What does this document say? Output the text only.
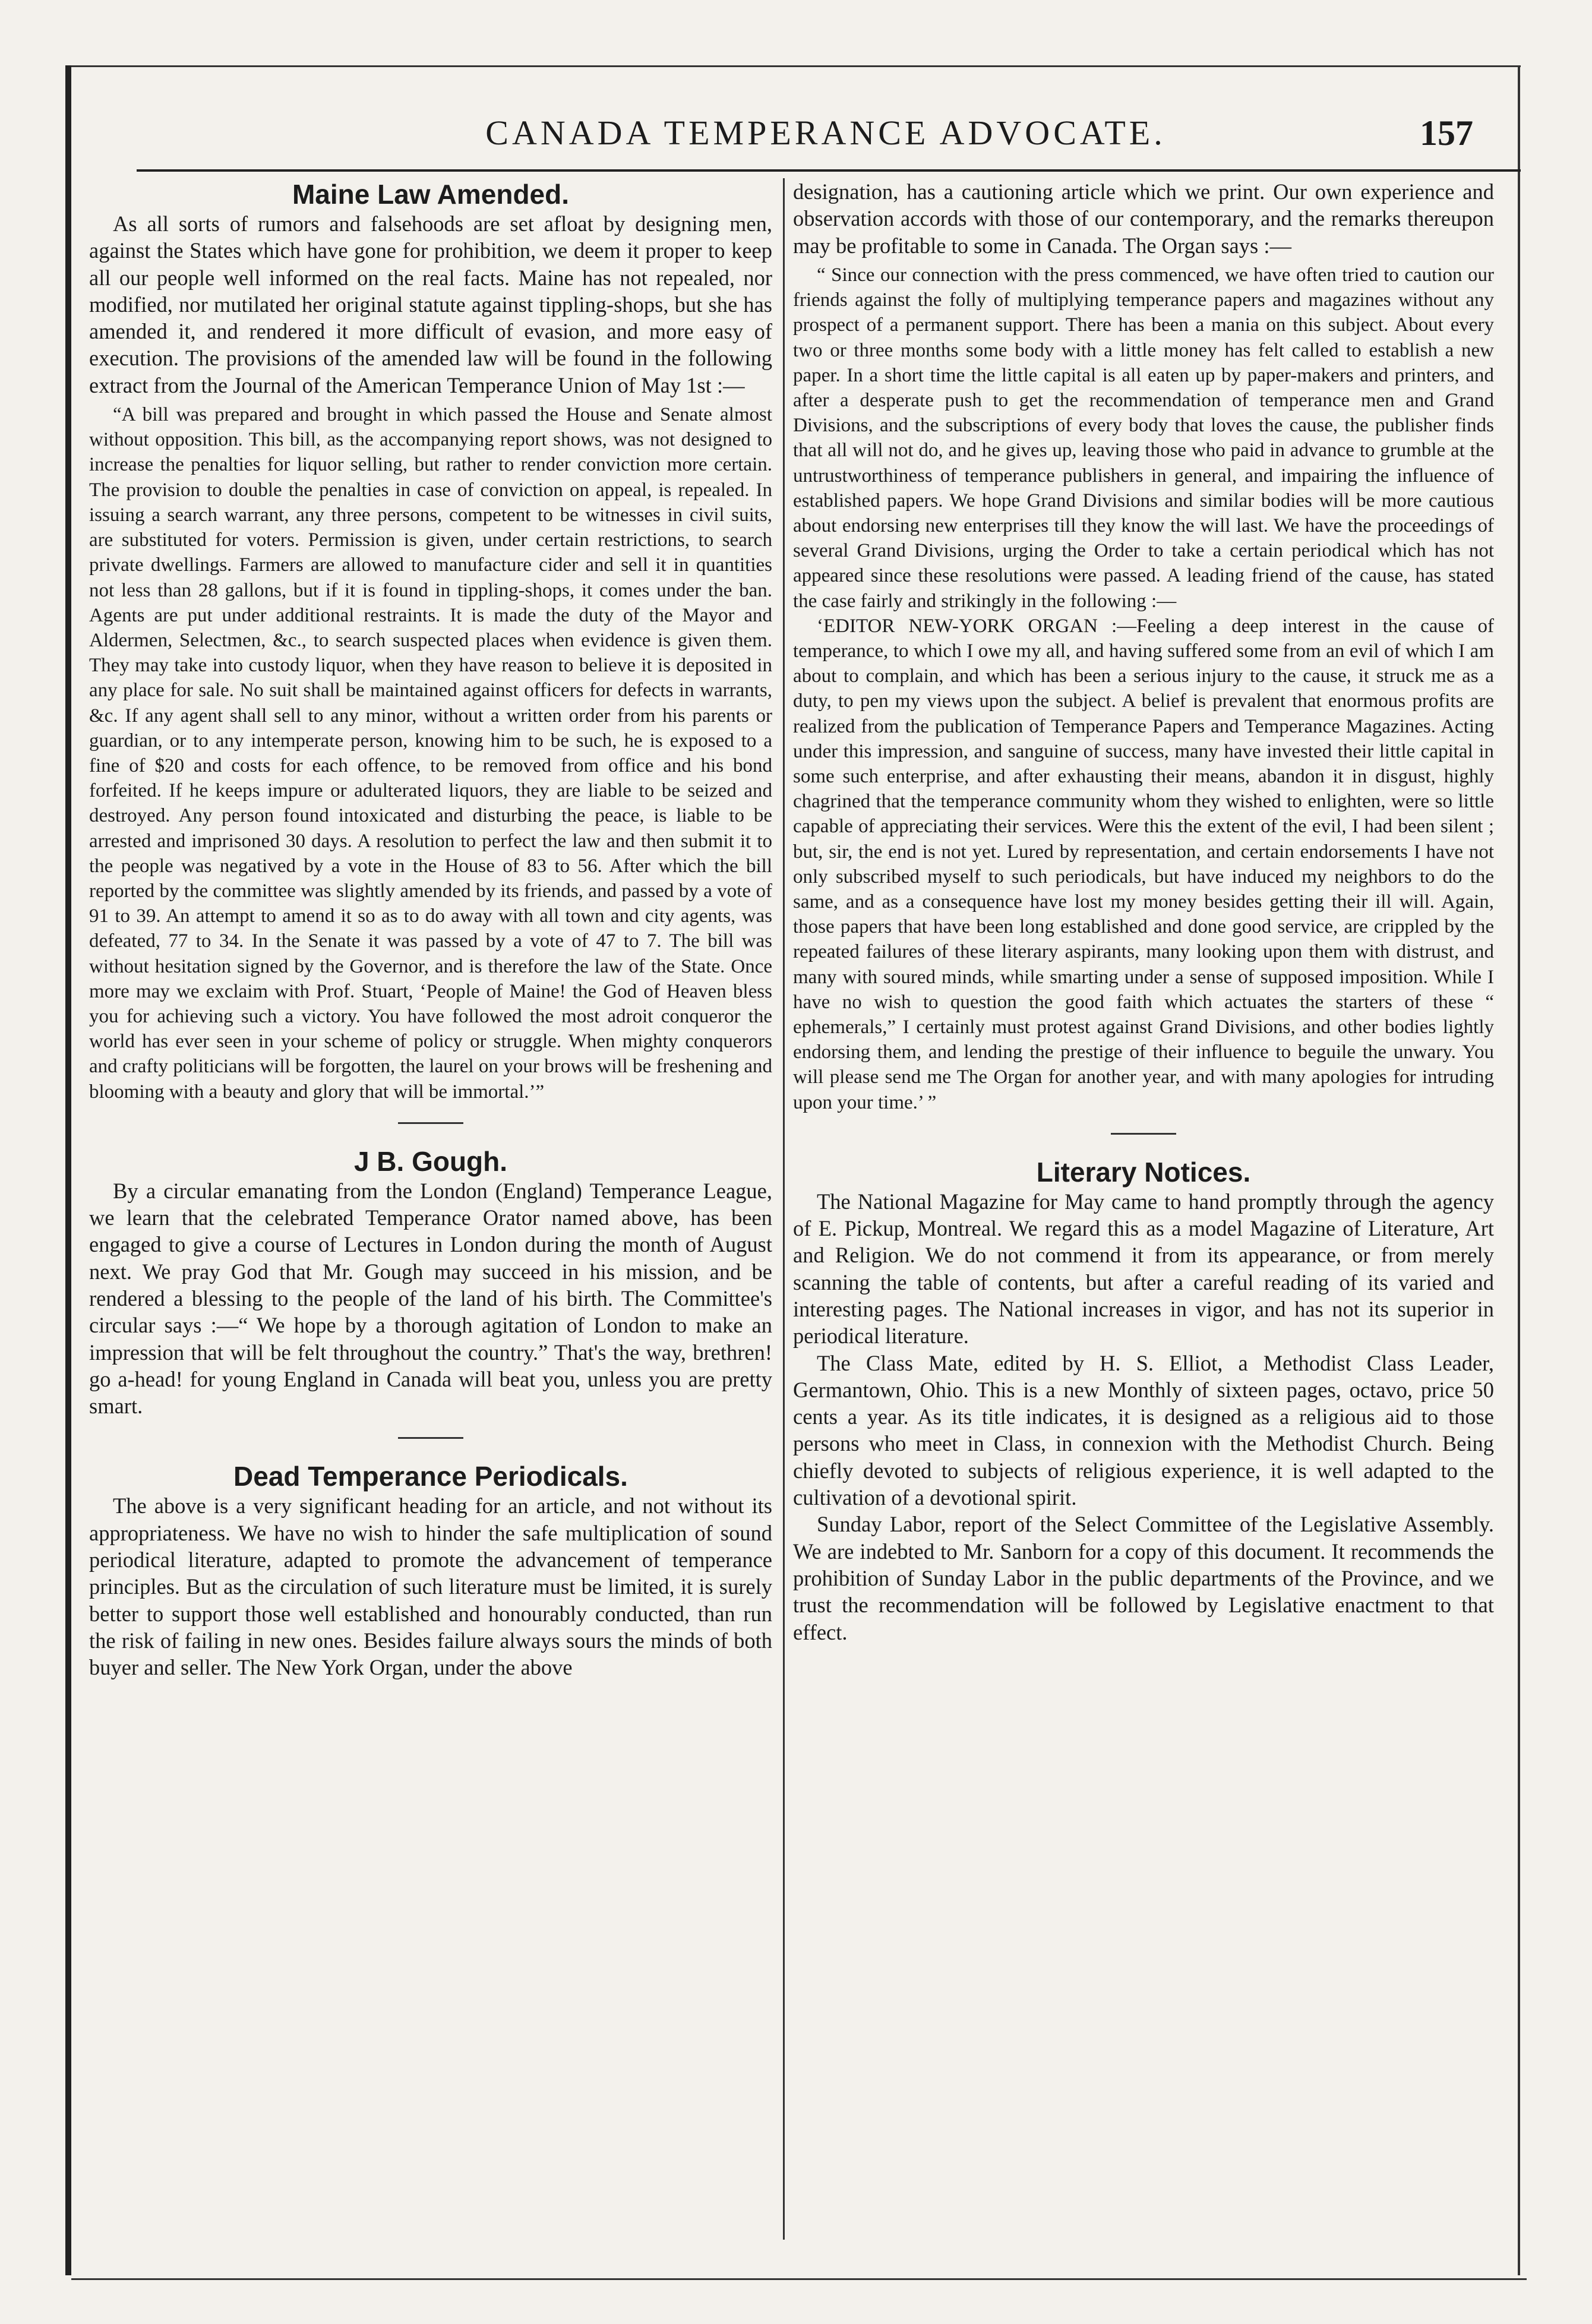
CANADA TEMPERANCE ADVOCATE.	157
Maine Law Amended.

As all sorts of rumors and falsehoods are set afloat by designing men, against the States which have gone for prohibition, we deem it proper to keep all our people well informed on the real facts. Maine has not repealed, nor modified, nor mutilated her original statute against tippling-shops, but she has amended it, and rendered it more difficult of evasion, and more easy of execution. The provisions of the amended law will be found in the following extract from the Journal of the American Temperance Union of May 1st :—

“A bill was prepared and brought in which passed the House and Senate almost without opposition. This bill, as the accompanying report shows, was not designed to increase the penalties for liquor selling, but rather to render conviction more certain. The provision to double the penalties in case of conviction on appeal, is repealed. In issuing a search warrant, any three persons, competent to be witnesses in civil suits, are substituted for voters. Permission is given, under certain restrictions, to search private dwellings. Farmers are allowed to manufacture cider and sell it in quantities not less than 28 gallons, but if it is found in tippling-shops, it comes under the ban. Agents are put under additional restraints. It is made the duty of the Mayor and Aldermen, Selectmen, &c., to search suspected places when evidence is given them. They may take into custody liquor, when they have reason to believe it is deposited in any place for sale. No suit shall be maintained against officers for defects in warrants, &c. If any agent shall sell to any minor, without a written order from his parents or guardian, or to any intemperate person, knowing him to be such, he is exposed to a fine of $20 and costs for each offence, to be removed from office and his bond forfeited. If he keeps impure or adulterated liquors, they are liable to be seized and destroyed. Any person found intoxicated and disturbing the peace, is liable to be arrested and imprisoned 30 days. A resolution to perfect the law and then submit it to the people was negatived by a vote in the House of 83 to 56. After which the bill reported by the committee was slightly amended by its friends, and passed by a vote of 91 to 39. An attempt to amend it so as to do away with all town and city agents, was defeated, 77 to 34. In the Senate it was passed by a vote of 47 to 7. The bill was without hesitation signed by the Governor, and is therefore the law of the State. Once more may we exclaim with Prof. Stuart, ‘People of Maine! the God of Heaven bless you for achieving such a victory. You have followed the most adroit conqueror the world has ever seen in your scheme of policy or struggle. When mighty conquerors and crafty politicians will be forgotten, the laurel on your brows will be freshening and blooming with a beauty and glory that will be immortal.’”

J B. Gough.

By a circular emanating from the London (England) Temperance League, we learn that the celebrated Temperance Orator named above, has been engaged to give a course of Lectures in London during the month of August next. We pray God that Mr. Gough may succeed in his mission, and be rendered a blessing to the people of the land of his birth. The Committee's circular says :—“ We hope by a thorough agitation of London to make an impression that will be felt throughout the country.” That's the way, brethren! go a-head! for young England in Canada will beat you, unless you are pretty smart.

Dead Temperance Periodicals.

The above is a very significant heading for an article, and not without its appropriateness. We have no wish to hinder the safe multiplication of sound periodical literature, adapted to promote the advancement of temperance principles. But as the circulation of such literature must be limited, it is surely better to support those well established and honourably conducted, than run the risk of failing in new ones. Besides failure always sours the minds of both buyer and seller. The New York Organ, under the above

designation, has a cautioning article which we print. Our own experience and observation accords with those of our contemporary, and the remarks thereupon may be profitable to some in Canada. The Organ says :—

“ Since our connection with the press commenced, we have often tried to caution our friends against the folly of multiplying temperance papers and magazines without any prospect of a permanent support. There has been a mania on this subject. About every two or three months some body with a little money has felt called to establish a new paper. In a short time the little capital is all eaten up by paper-makers and printers, and after a desperate push to get the recommendation of temperance men and Grand Divisions, and the subscriptions of every body that loves the cause, the publisher finds that all will not do, and he gives up, leaving those who paid in advance to grumble at the untrustworthiness of temperance publishers in general, and impairing the influence of established papers. We hope Grand Divisions and similar bodies will be more cautious about endorsing new enterprises till they know the will last. We have the proceedings of several Grand Divisions, urging the Order to take a certain periodical which has not appeared since these resolutions were passed. A leading friend of the cause, has stated the case fairly and strikingly in the following :—

‘EDITOR NEW-YORK ORGAN :—Feeling a deep interest in the cause of temperance, to which I owe my all, and having suffered some from an evil of which I am about to complain, and which has been a serious injury to the cause, it struck me as a duty, to pen my views upon the subject. A belief is prevalent that enormous profits are realized from the publication of Temperance Papers and Temperance Magazines. Acting under this impression, and sanguine of success, many have invested their little capital in some such enterprise, and after exhausting their means, abandon it in disgust, highly chagrined that the temperance community whom they wished to enlighten, were so little capable of appreciating their services. Were this the extent of the evil, I had been silent ; but, sir, the end is not yet. Lured by representation, and certain endorsements I have not only subscribed myself to such periodicals, but have induced my neighbors to do the same, and as a consequence have lost my money besides getting their ill will. Again, those papers that have been long established and done good service, are crippled by the repeated failures of these literary aspirants, many looking upon them with distrust, and many with soured minds, while smarting under a sense of supposed imposition. While I have no wish to question the good faith which actuates the starters of these “ ephemerals,” I certainly must protest against Grand Divisions, and other bodies lightly endorsing them, and lending the prestige of their influence to beguile the unwary. You will please send me The Organ for another year, and with many apologies for intruding upon your time.’ ”

Literary Notices.

The National Magazine for May came to hand promptly through the agency of E. Pickup, Montreal. We regard this as a model Magazine of Literature, Art and Religion. We do not commend it from its appearance, or from merely scanning the table of contents, but after a careful reading of its varied and interesting pages. The National increases in vigor, and has not its superior in periodical literature.

The Class Mate, edited by H. S. Elliot, a Methodist Class Leader, Germantown, Ohio. This is a new Monthly of sixteen pages, octavo, price 50 cents a year. As its title indicates, it is designed as a religious aid to those persons who meet in Class, in connexion with the Methodist Church. Being chiefly devoted to subjects of religious experience, it is well adapted to the cultivation of a devotional spirit.

Sunday Labor, report of the Select Committee of the Legislative Assembly. We are indebted to Mr. Sanborn for a copy of this document. It recommends the prohibition of Sunday Labor in the public departments of the Province, and we trust the recommendation will be followed by Legislative enactment to that effect.
